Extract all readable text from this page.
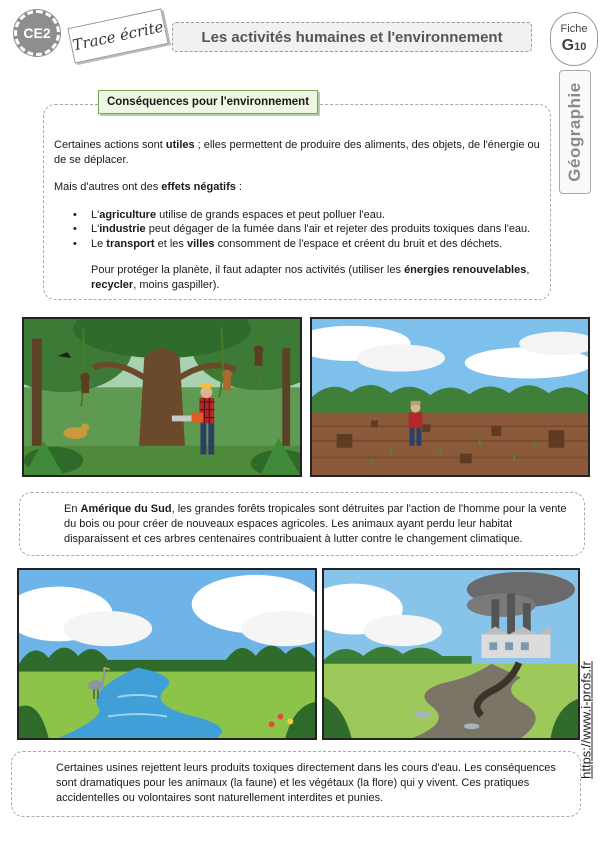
CE2	Trace écrite	Les activités humaines et l'environnement	Fiche
G10
Géographie
Conséquences pour l'environnement

Certaines actions sont utiles ; elles permettent de produire des aliments, des objets, de l'énergie ou de se déplacer.

Mais d'autres ont des effets négatifs :

• L'agriculture utilise de grands espaces et peut polluer l'eau.
• L'industrie peut dégager de la fumée dans l'air et rejeter des produits toxiques dans l'eau.
• Le transport et les villes consomment de l'espace et créent du bruit et des déchets.

Pour protéger la planète, il faut adapter nos activités (utiliser les énergies renouvelables, recycler, moins gaspiller).

En Amérique du Sud, les grandes forêts tropicales sont détruites par l'action de l'homme pour la vente du bois ou pour créer de nouveaux espaces agricoles. Les animaux ayant perdu leur habitat disparaissent et ces arbres centenaires contribuaient à lutter contre le changement climatique.

Certaines usines rejettent leurs produits toxiques directement dans les cours d'eau. Les conséquences sont dramatiques pour les animaux (la faune) et les végétaux (la flore) qui y vivent. Ces pratiques accidentelles ou volontaires sont naturellement interdites et punies.

https://www.i-profs.fr
